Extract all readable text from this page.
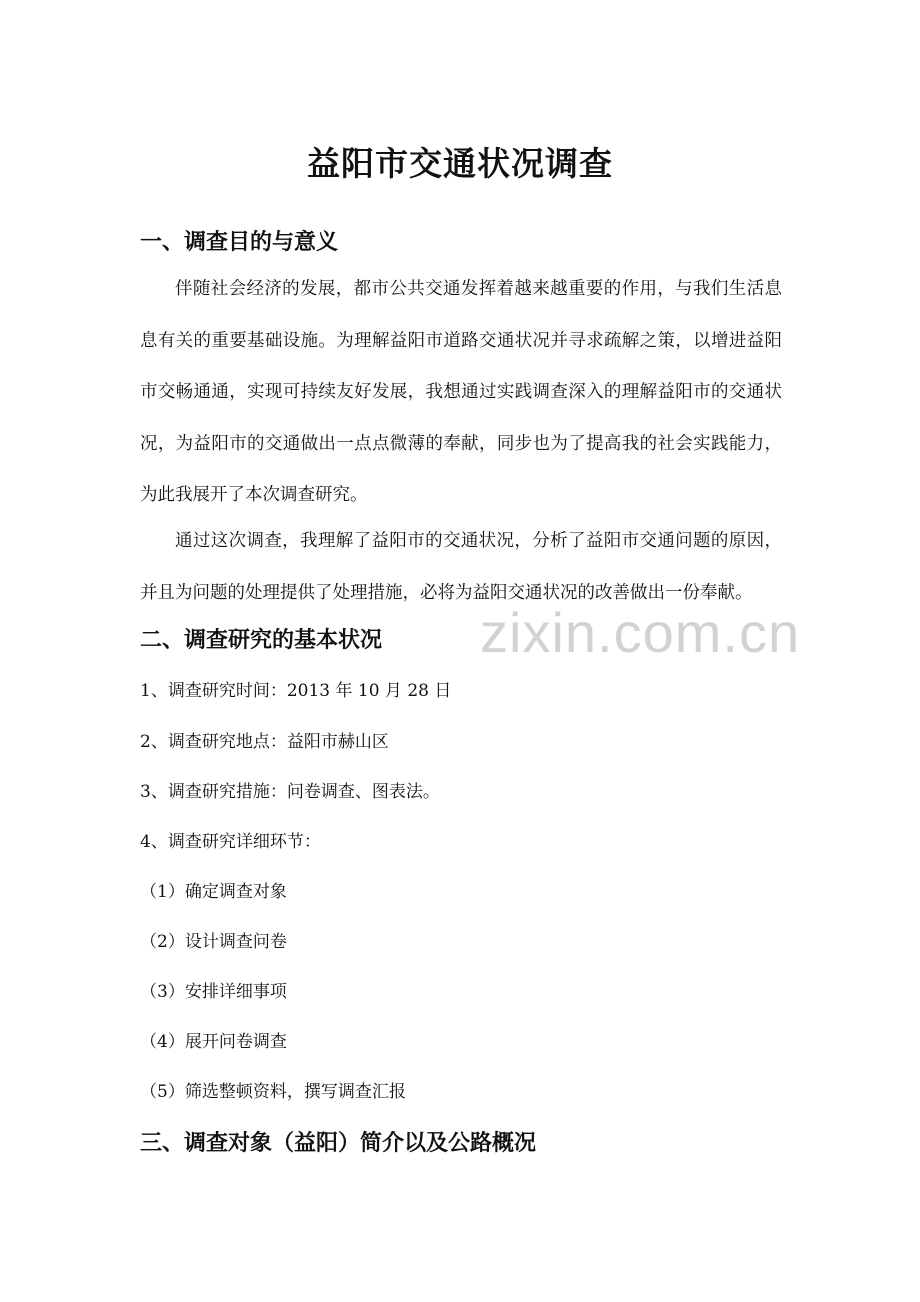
益阳市交通状况调查
一、调查目的与意义

伴随社会经济的发展，都市公共交通发挥着越来越重要的作用，与我们生活息息有关的重要基础设施。为理解益阳市道路交通状况并寻求疏解之策，以增进益阳市交畅通通，实现可持续友好发展，我想通过实践调查深入的理解益阳市的交通状况，为益阳市的交通做出一点点微薄的奉献，同步也为了提高我的社会实践能力，为此我展开了本次调查研究。

通过这次调查，我理解了益阳市的交通状况，分析了益阳市交通问题的原因，并且为问题的处理提供了处理措施，必将为益阳交通状况的改善做出一份奉献。

zixin.com.cn
二、调查研究的基本状况

1、调查研究时间：2013 年 10 月 28 日

2、调查研究地点：益阳市赫山区

3、调查研究措施：问卷调查、图表法。

4、调查研究详细环节：

（1）确定调查对象

（2）设计调查问卷

（3）安排详细事项

（4）展开问卷调查

（5）筛选整顿资料，撰写调查汇报

三、调查对象（益阳）简介以及公路概况
